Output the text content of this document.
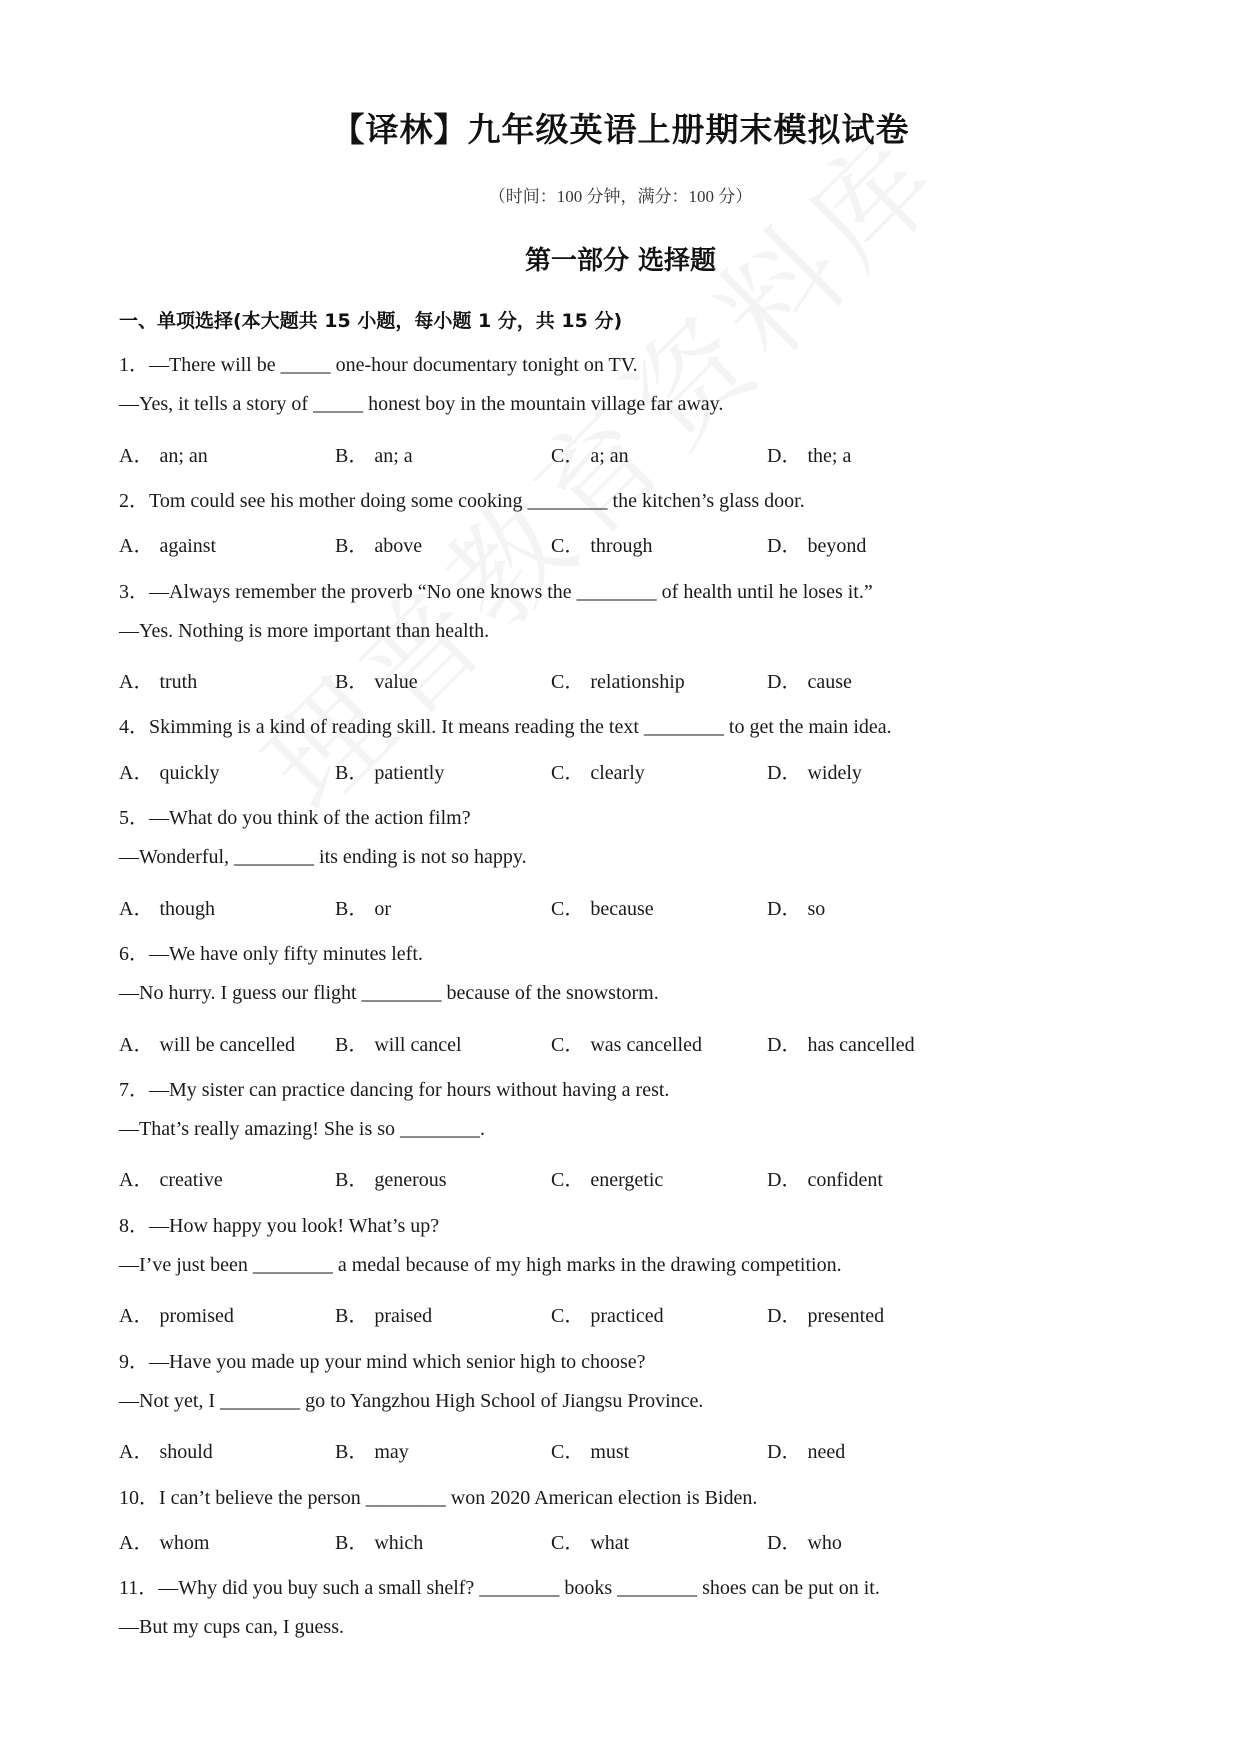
【译林】九年级英语上册期末模拟试卷
（时间：100 分钟，满分：100 分）
第一部分 选择题
一、单项选择(本大题共 15 小题，每小题 1 分，共 15 分)
1．—There will be _____ one-hour documentary tonight on TV.
—Yes, it tells a story of _____ honest boy in the mountain village far away.
A． an; an	B． an; a	C． a; an	D． the; a
2．Tom could see his mother doing some cooking ________ the kitchen’s glass door.
A． against	B． above	C． through	D． beyond
3．—Always remember the proverb “No one knows the ________ of health until he loses it.”
—Yes. Nothing is more important than health.
A． truth	B． value	C． relationship	D． cause
4．Skimming is a kind of reading skill. It means reading the text ________ to get the main idea.
A． quickly	B． patiently	C． clearly	D． widely
5．—What do you think of the action film?
—Wonderful, ________ its ending is not so happy.
A． though	B． or	C． because	D． so
6．—We have only fifty minutes left.
—No hurry. I guess our flight ________ because of the snowstorm.
A． will be cancelled B． will cancel	C． was cancelled	D． has cancelled
7．—My sister can practice dancing for hours without having a rest.
—That’s really amazing! She is so ________.
A． creative	B． generous	C． energetic	D． confident
8．—How happy you look! What’s up?
—I’ve just been ________ a medal because of my high marks in the drawing competition.
A． promised	B． praised	C． practiced	D． presented
9．—Have you made up your mind which senior high to choose?
—Not yet, I ________ go to Yangzhou High School of Jiangsu Province.
A． should	B． may	C． must	D． need
10．I can’t believe the person ________ won 2020 American election is Biden.
A． whom	B． which	C． what	D． who
11．—Why did you buy such a small shelf? ________ books ________ shoes can be put on it.
—But my cups can, I guess.
